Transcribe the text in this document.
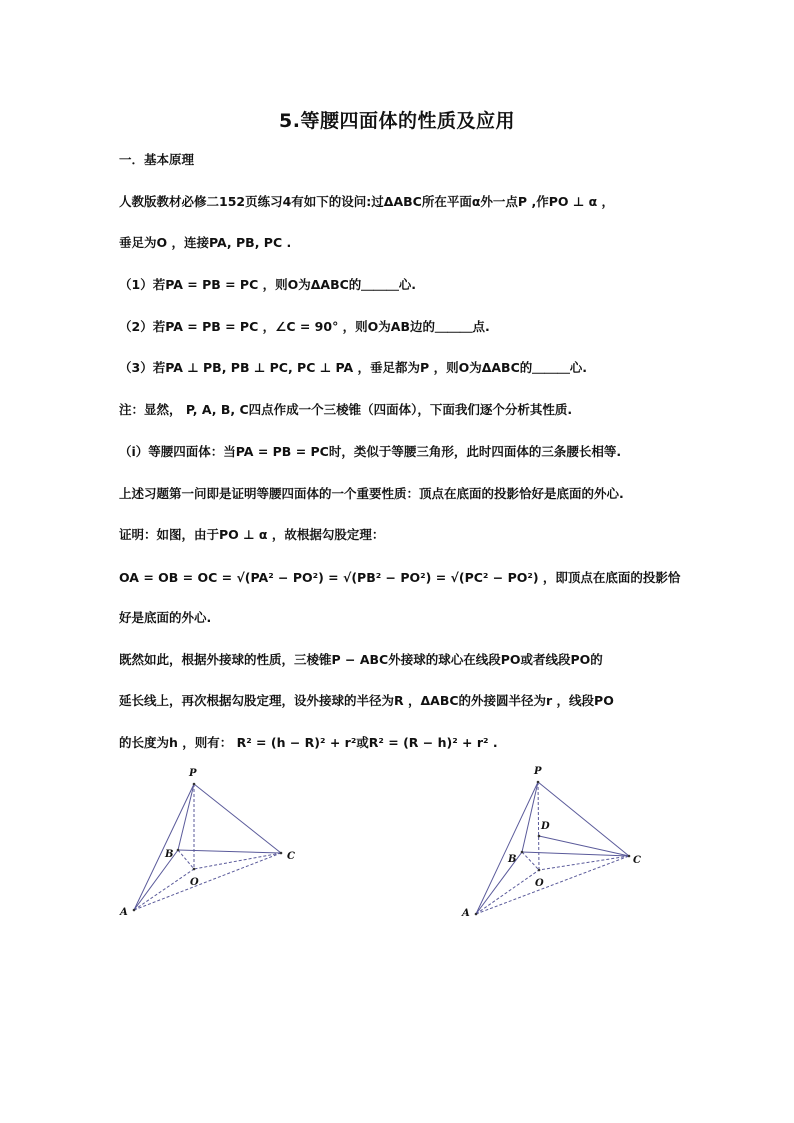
5.等腰四面体的性质及应用
一．基本原理
人教版教材必修二152页练习4有如下的设问:过ΔABC所在平面α外一点P ,作PO ⊥ α ，
垂足为O ，连接PA, PB, PC .
（1）若PA = PB = PC ，则O为ΔABC的＿＿＿心.
（2）若PA = PB = PC ，∠C = 90° ，则O为AB边的＿＿＿点.
（3）若PA ⊥ PB, PB ⊥ PC, PC ⊥ PA ，垂足都为P ，则O为ΔABC的＿＿＿心.
注：显然， P, A, B, C四点作成一个三棱锥（四面体），下面我们逐个分析其性质.
（i）等腰四面体：当PA = PB = PC时，类似于等腰三角形，此时四面体的三条腰长相等.
上述习题第一问即是证明等腰四面体的一个重要性质：顶点在底面的投影恰好是底面的外心.
证明：如图，由于PO ⊥ α ，故根据勾股定理：
OA = OB = OC = √(PA² − PO²) = √(PB² − PO²) = √(PC² − PO²) ，即顶点在底面的投影恰
好是底面的外心.
既然如此，根据外接球的性质，三棱锥P − ABC外接球的球心在线段PO或者线段PO的
延长线上，再次根据勾股定理，设外接球的半径为R ，ΔABC的外接圆半径为r ，线段PO
的长度为h ，则有： R² = (h − R)² + r²或R² = (R − h)² + r² .
P
B	C
O
A
P
D
B	C
O
A
